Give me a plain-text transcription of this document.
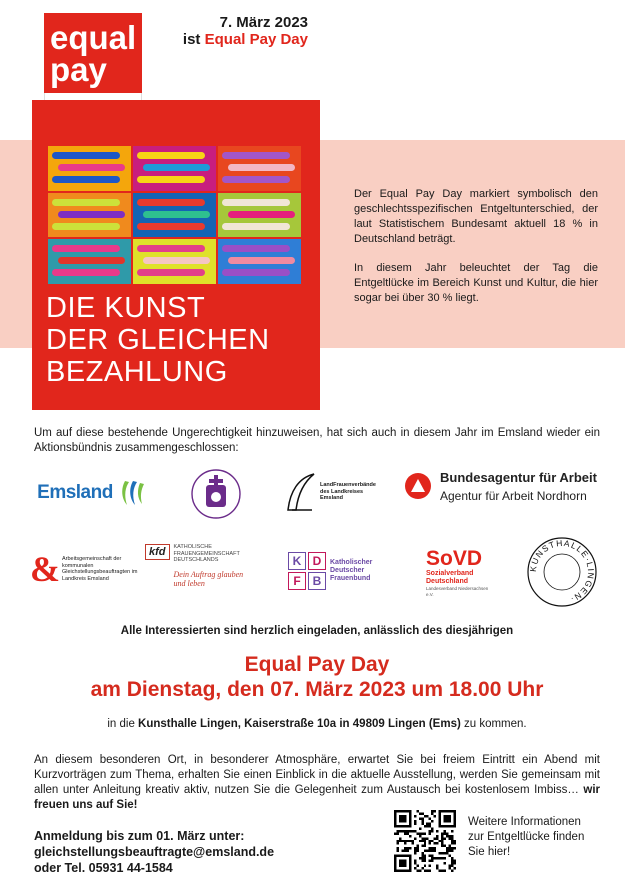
equal
pay
7. März 2023
ist Equal Pay Day
DIE KUNST
DER GLEICHEN
BEZAHLUNG

Der Equal Pay Day markiert symbolisch den geschlechtsspezifischen Entgeltunterschied, der laut Statistischem Bundesamt aktuell 18 % in Deutschland beträgt.

In diesem Jahr beleuchtet der Tag die Entgeltlücke im Bereich Kunst und Kultur, die hier sogar bei über 30 % liegt.

Um auf diese bestehende Ungerechtigkeit hinzuweisen, hat sich auch in diesem Jahr im Emsland wieder ein Aktionsbündnis zusammengeschlossen:
Emsland	LandFrauenverbände des Landkreises Emsland
Bundesagentur für Arbeit
Agentur für Arbeit Nordhorn
& Arbeitsgemeinschaft der kommunalen Gleichstellungsbeauftragten im Landkreis Emsland
kfd	KATHOLISCHE FRAUENGEMEINSCHAFT DEUTSCHLANDS
Dein Auftrag glauben und leben
K D
F B
Katholischer Deutscher Frauenbund
SoVD
Sozialverband Deutschland
Landesverband Niedersachsen e.V.
KUNSTHALLE·LINGEN·
Alle Interessierten sind herzlich eingeladen, anlässlich des diesjährigen
Equal Pay Day
am Dienstag, den 07. März 2023 um 18.00 Uhr
in die Kunsthalle Lingen, Kaiserstraße 10a in 49809 Lingen (Ems) zu kommen.
An diesem besonderen Ort, in besonderer Atmosphäre, erwartet Sie bei freiem Eintritt ein Abend mit Kurzvorträgen zum Thema, erhalten Sie einen Einblick in die aktuelle Ausstellung, werden Sie gemeinsam mit allen unter Anleitung kreativ aktiv, nutzen Sie die Gelegenheit zum Austausch bei kostenlosem Imbiss… wir freuen uns auf Sie!
Anmeldung bis zum 01. März unter:
gleichstellungsbeauftragte@emsland.de
oder Tel. 05931 44-1584
Weitere Informationen zur Entgeltlücke finden Sie hier!
